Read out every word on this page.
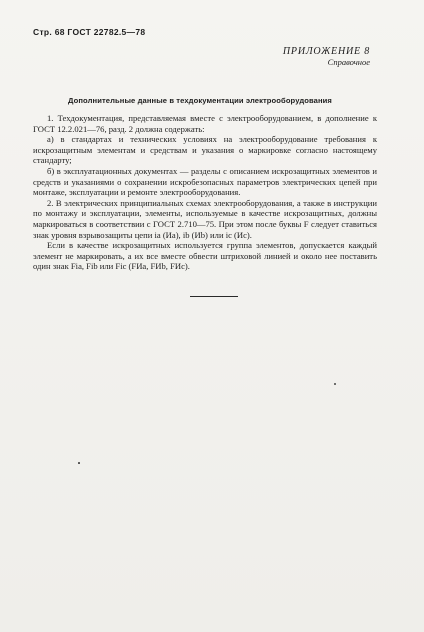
Стр. 68 ГОСТ 22782.5—78
ПРИЛОЖЕНИЕ 8
Справочное
Дополнительные данные в техдокументации электрооборудования

1. Техдокументация, представляемая вместе с электрооборудованием, в дополнение к ГОСТ 12.2.021—76, разд. 2 должна содержать:

а) в стандартах и технических условиях на электрооборудование требования к искрозащитным элементам и средствам и указания о маркировке согласно настоящему стандарту;

б) в эксплуатационных документах — разделы с описанием искрозащитных элементов и средств и указаниями о сохранении искробезопасных параметров электрических цепей при монтаже, эксплуатации и ремонте электрооборудования.

2. В электрических принципиальных схемах электрооборудования, а также в инструкции по монтажу и эксплуатации, элементы, используемые в качестве искрозащитных, должны маркироваться в соответствии с ГОСТ 2.710—75. При этом после буквы F следует ставиться знак уровня взрывозащиты цепи ia (Иа), ib (Иb) или ic (Иc).

Если в качестве искрозащитных используется группа элементов, допускается каждый элемент не маркировать, а их все вместе обвести штриховой линией и около нее поставить один знак Fia, Fib или Fic (FИа, FИb, FИc).
